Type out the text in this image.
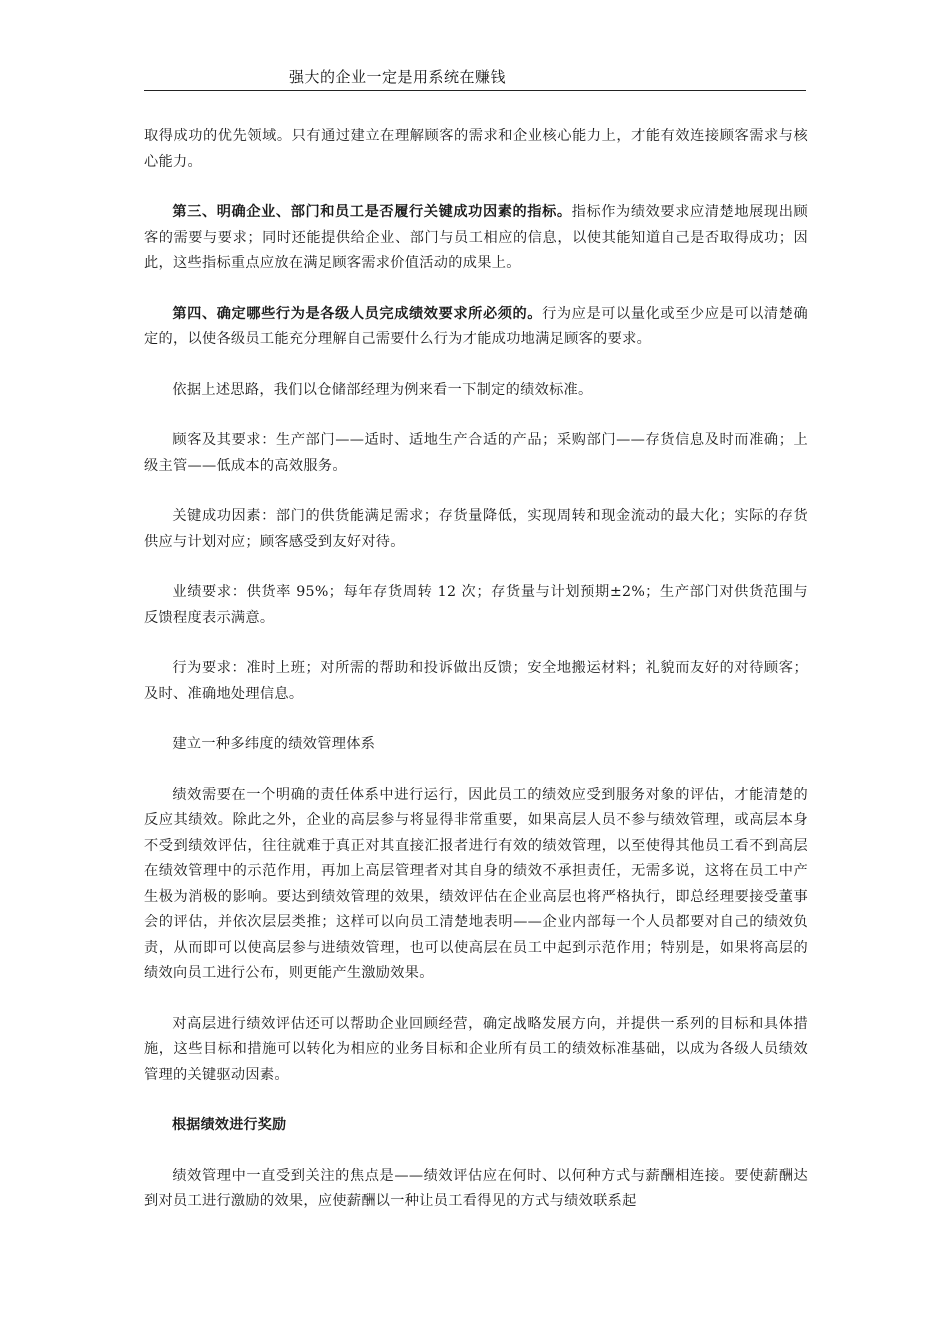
强大的企业一定是用系统在赚钱

取得成功的优先领域。只有通过建立在理解顾客的需求和企业核心能力上，才能有效连接顾客需求与核心能力。

第三、明确企业、部门和员工是否履行关键成功因素的指标。指标作为绩效要求应清楚地展现出顾客的需要与要求；同时还能提供给企业、部门与员工相应的信息，以使其能知道自己是否取得成功；因此，这些指标重点应放在满足顾客需求价值活动的成果上。

第四、确定哪些行为是各级人员完成绩效要求所必须的。行为应是可以量化或至少应是可以清楚确定的，以使各级员工能充分理解自己需要什么行为才能成功地满足顾客的要求。

依据上述思路，我们以仓储部经理为例来看一下制定的绩效标准。

顾客及其要求：生产部门——适时、适地生产合适的产品；采购部门——存货信息及时而准确；上级主管——低成本的高效服务。

关键成功因素：部门的供货能满足需求；存货量降低，实现周转和现金流动的最大化；实际的存货供应与计划对应；顾客感受到友好对待。

业绩要求：供货率 95%；每年存货周转 12 次；存货量与计划预期±2%；生产部门对供货范围与反馈程度表示满意。

行为要求：准时上班；对所需的帮助和投诉做出反馈；安全地搬运材料；礼貌而友好的对待顾客；及时、准确地处理信息。

建立一种多纬度的绩效管理体系

绩效需要在一个明确的责任体系中进行运行，因此员工的绩效应受到服务对象的评估，才能清楚的反应其绩效。除此之外，企业的高层参与将显得非常重要，如果高层人员不参与绩效管理，或高层本身不受到绩效评估，往往就难于真正对其直接汇报者进行有效的绩效管理，以至使得其他员工看不到高层在绩效管理中的示范作用，再加上高层管理者对其自身的绩效不承担责任，无需多说，这将在员工中产生极为消极的影响。要达到绩效管理的效果，绩效评估在企业高层也将严格执行，即总经理要接受董事会的评估，并依次层层类推；这样可以向员工清楚地表明——企业内部每一个人员都要对自己的绩效负责，从而即可以使高层参与进绩效管理，也可以使高层在员工中起到示范作用；特别是，如果将高层的绩效向员工进行公布，则更能产生激励效果。

对高层进行绩效评估还可以帮助企业回顾经营，确定战略发展方向，并提供一系列的目标和具体措施，这些目标和措施可以转化为相应的业务目标和企业所有员工的绩效标准基础，以成为各级人员绩效管理的关键驱动因素。

根据绩效进行奖励

绩效管理中一直受到关注的焦点是——绩效评估应在何时、以何种方式与薪酬相连接。要使薪酬达到对员工进行激励的效果，应使薪酬以一种让员工看得见的方式与绩效联系起
